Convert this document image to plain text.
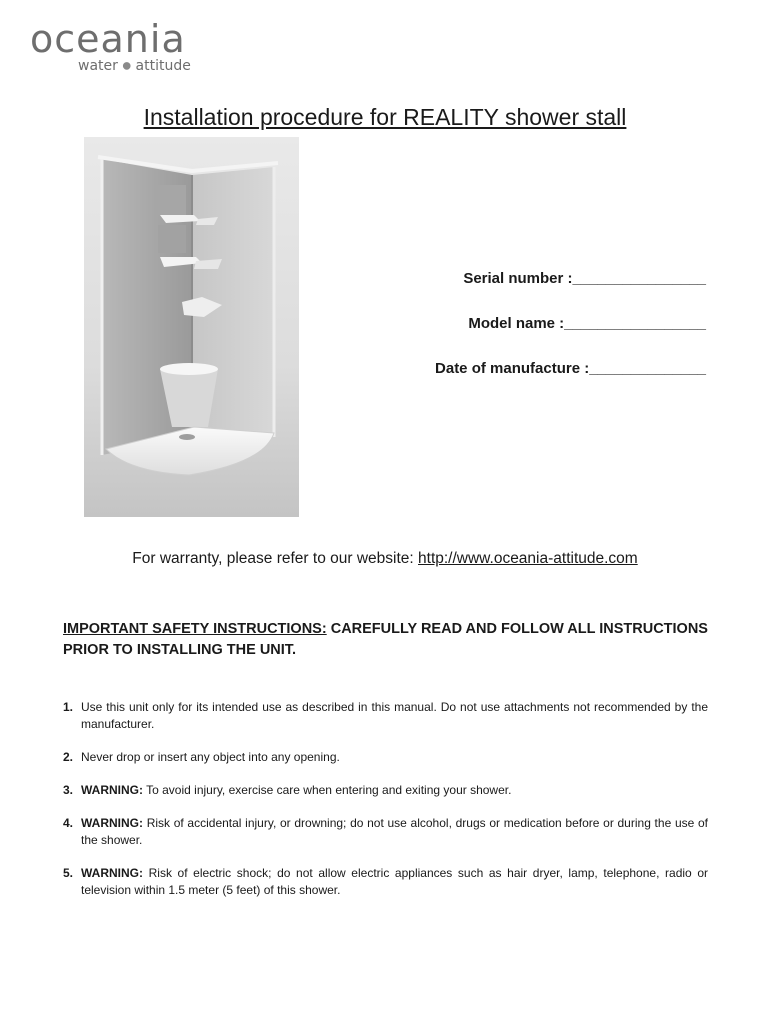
oceania
water ● attitude
Installation procedure for REALITY shower stall
Serial number :________________
Model name :_________________
Date of manufacture :______________
For warranty, please refer to our website: http://www.oceania-attitude.com
IMPORTANT SAFETY INSTRUCTIONS: CAREFULLY READ AND FOLLOW ALL INSTRUCTIONS PRIOR TO INSTALLING THE UNIT.
1. Use this unit only for its intended use as described in this manual. Do not use attachments not recommended by the manufacturer.
2. Never drop or insert any object into any opening.
3. WARNING: To avoid injury, exercise care when entering and exiting your shower.
4. WARNING: Risk of accidental injury, or drowning; do not use alcohol, drugs or medication before or during the use of the shower.
5. WARNING: Risk of electric shock; do not allow electric appliances such as hair dryer, lamp, telephone, radio or television within 1.5 meter (5 feet) of this shower.
